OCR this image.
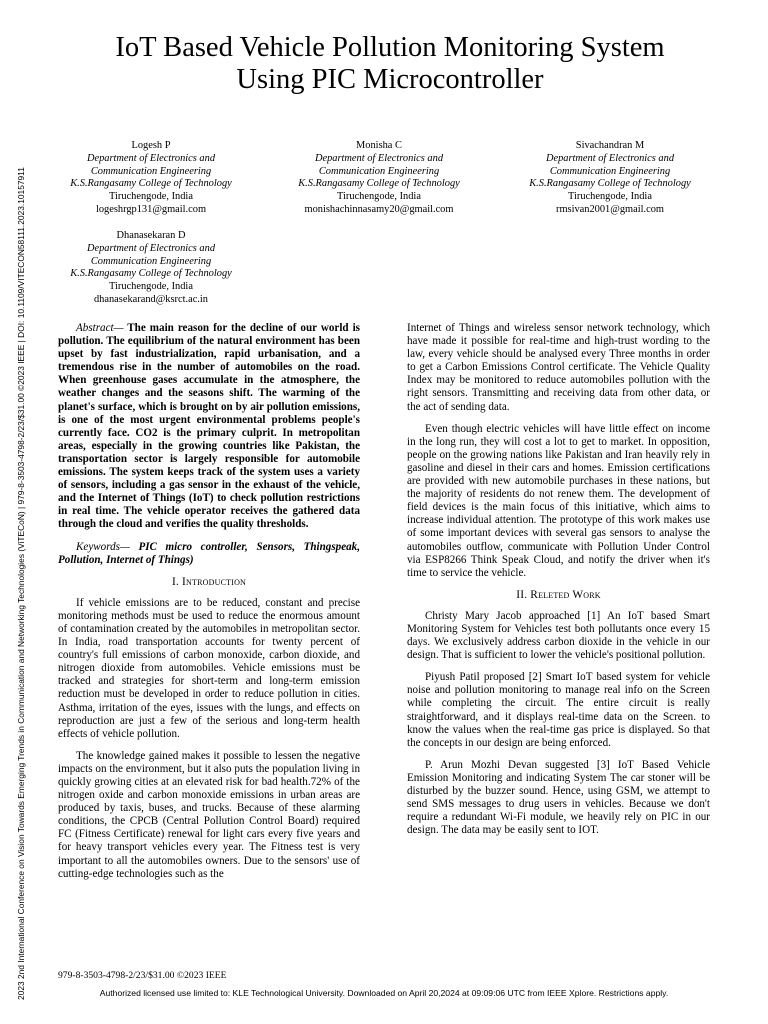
2023 2nd International Conference on Vision Towards Emerging Trends in Communication and Networking Technologies (ViTECoN) | 979-8-3503-4798-2/23/$31.00 ©2023 IEEE | DOI: 10.1109/VITECON58111.2023.10157911
IoT Based Vehicle Pollution Monitoring System
Using PIC Microcontroller
Logesh P
Department of Electronics and
Communication Engineering
K.S.Rangasamy College of Technology
Tiruchengode, India
logeshrgp131@gmail.com
Monisha C
Department of Electronics and
Communication Engineering
K.S.Rangasamy College of Technology
Tiruchengode, India
monishachinnasamy20@gmail.com
Sivachandran M
Department of Electronics and
Communication Engineering
K.S.Rangasamy College of Technology
Tiruchengode, India
rmsivan2001@gmail.com
Dhanasekaran D
Department of Electronics and
Communication Engineering
K.S.Rangasamy College of Technology
Tiruchengode, India
dhanasekarand@ksrct.ac.in

Abstract— The main reason for the decline of our world is pollution. The equilibrium of the natural environment has been upset by fast industrialization, rapid urbanisation, and a tremendous rise in the number of automobiles on the road. When greenhouse gases accumulate in the atmosphere, the weather changes and the seasons shift. The warming of the planet's surface, which is brought on by air pollution emissions, is one of the most urgent environmental problems people's currently face. CO2 is the primary culprit. In metropolitan areas, especially in the growing countries like Pakistan, the transportation sector is largely responsible for automobile emissions. The system keeps track of the system uses a variety of sensors, including a gas sensor in the exhaust of the vehicle, and the Internet of Things (IoT) to check pollution restrictions in real time. The vehicle operator receives the gathered data through the cloud and verifies the quality thresholds.

Keywords— PIC micro controller, Sensors, Thingspeak, Pollution, Internet of Things)

I. Introduction

If vehicle emissions are to be reduced, constant and precise monitoring methods must be used to reduce the enormous amount of contamination created by the automobiles in metropolitan sector. In India, road transportation accounts for twenty percent of country's full emissions of carbon monoxide, carbon dioxide, and nitrogen dioxide from automobiles. Vehicle emissions must be tracked and strategies for short-term and long-term emission reduction must be developed in order to reduce pollution in cities. Asthma, irritation of the eyes, issues with the lungs, and effects on reproduction are just a few of the serious and long-term health effects of vehicle pollution.

The knowledge gained makes it possible to lessen the negative impacts on the environment, but it also puts the population living in quickly growing cities at an elevated risk for bad health.72% of the nitrogen oxide and carbon monoxide emissions in urban areas are produced by taxis, buses, and trucks. Because of these alarming conditions, the CPCB (Central Pollution Control Board) required FC (Fitness Certificate) renewal for light cars every five years and for heavy transport vehicles every year. The Fitness test is very important to all the automobiles owners. Due to the sensors' use of cutting-edge technologies such as the

Internet of Things and wireless sensor network technology, which have made it possible for real-time and high-trust wording to the law, every vehicle should be analysed every Three months in order to get a Carbon Emissions Control certificate. The Vehicle Quality Index may be monitored to reduce automobiles pollution with the right sensors. Transmitting and receiving data from other data, or the act of sending data.

Even though electric vehicles will have little effect on income in the long run, they will cost a lot to get to market. In opposition, people on the growing nations like Pakistan and Iran heavily rely in gasoline and diesel in their cars and homes. Emission certifications are provided with new automobile purchases in these nations, but the majority of residents do not renew them. The development of field devices is the main focus of this initiative, which aims to increase individual attention. The prototype of this work makes use of some important devices with several gas sensors to analyse the automobiles outflow, communicate with Pollution Under Control via ESP8266 Think Speak Cloud, and notify the driver when it's time to service the vehicle.

II. Releted Work

Christy Mary Jacob approached [1] An IoT based Smart Monitoring System for Vehicles test both pollutants once every 15 days. We exclusively address carbon dioxide in the vehicle in our design. That is sufficient to lower the vehicle's positional pollution.

Piyush Patil proposed [2] Smart IoT based system for vehicle noise and pollution monitoring to manage real info on the Screen while completing the circuit. The entire circuit is really straightforward, and it displays real-time data on the Screen. to know the values when the real-time gas price is displayed. So that the concepts in our design are being enforced.

P. Arun Mozhi Devan suggested [3] IoT Based Vehicle Emission Monitoring and indicating System The car stoner will be disturbed by the buzzer sound. Hence, using GSM, we attempt to send SMS messages to drug users in vehicles. Because we don't require a redundant Wi-Fi module, we heavily rely on PIC in our design. The data may be easily sent to IOT.

979-8-3503-4798-2/23/$31.00 ©2023 IEEE
Authorized licensed use limited to: KLE Technological University. Downloaded on April 20,2024 at 09:09:06 UTC from IEEE Xplore. Restrictions apply.
